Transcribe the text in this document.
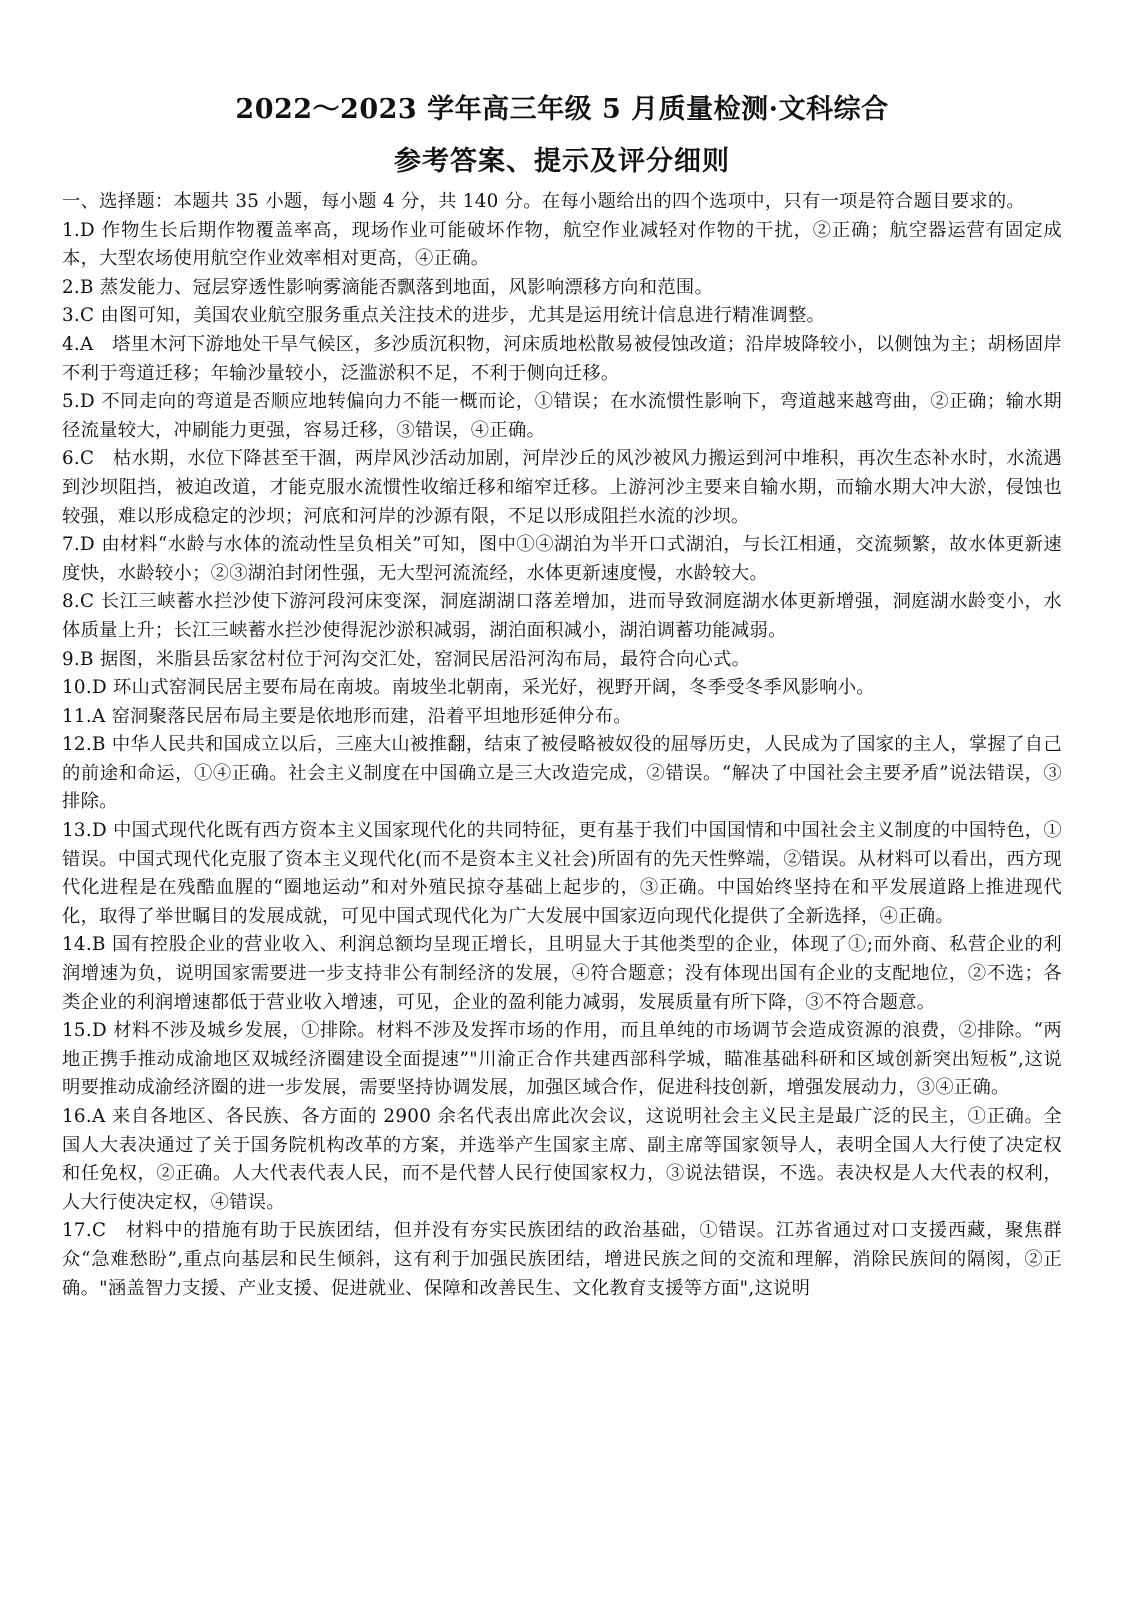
2022～2023 学年高三年级 5 月质量检测·文科综合
参考答案、提示及评分细则

一、选择题：本题共 35 小题，每小题 4 分，共 140 分。在每小题给出的四个选项中，只有一项是符合题目要求的。

1.D 作物生长后期作物覆盖率高，现场作业可能破坏作物，航空作业减轻对作物的干扰，②正确；航空器运营有固定成本，大型农场使用航空作业效率相对更高，④正确。

2.B 蒸发能力、冠层穿透性影响雾滴能否飘落到地面，风影响漂移方向和范围。

3.C 由图可知，美国农业航空服务重点关注技术的进步，尤其是运用统计信息进行精准调整。

4.A　塔里木河下游地处干旱气候区，多沙质沉积物，河床质地松散易被侵蚀改道；沿岸坡降较小，以侧蚀为主；胡杨固岸不利于弯道迁移；年输沙量较小，泛滥淤积不足，不利于侧向迁移。

5.D 不同走向的弯道是否顺应地转偏向力不能一概而论，①错误；在水流惯性影响下，弯道越来越弯曲，②正确；输水期径流量较大，冲刷能力更强，容易迁移，③错误，④正确。

6.C　枯水期，水位下降甚至干涸，两岸风沙活动加剧，河岸沙丘的风沙被风力搬运到河中堆积，再次生态补水时，水流遇到沙坝阻挡，被迫改道，才能克服水流惯性收缩迁移和缩窄迁移。上游河沙主要来自输水期，而输水期大冲大淤，侵蚀也较强，难以形成稳定的沙坝；河底和河岸的沙源有限，不足以形成阻拦水流的沙坝。

7.D 由材料“水龄与水体的流动性呈负相关”可知，图中①④湖泊为半开口式湖泊，与长江相通，交流频繁，故水体更新速度快，水龄较小；②③湖泊封闭性强，无大型河流流经，水体更新速度慢，水龄较大。

8.C 长江三峡蓄水拦沙使下游河段河床变深，洞庭湖湖口落差增加，进而导致洞庭湖水体更新增强，洞庭湖水龄变小，水体质量上升；长江三峡蓄水拦沙使得泥沙淤积减弱，湖泊面积减小，湖泊调蓄功能减弱。

9.B 据图，米脂县岳家岔村位于河沟交汇处，窑洞民居沿河沟布局，最符合向心式。

10.D 环山式窑洞民居主要布局在南坡。南坡坐北朝南，采光好，视野开阔，冬季受冬季风影响小。

11.A 窑洞聚落民居布局主要是依地形而建，沿着平坦地形延伸分布。

12.B 中华人民共和国成立以后，三座大山被推翻，结束了被侵略被奴役的屈辱历史，人民成为了国家的主人，掌握了自己的前途和命运，①④正确。社会主义制度在中国确立是三大改造完成，②错误。“解决了中国社会主要矛盾”说法错误，③排除。

13.D 中国式现代化既有西方资本主义国家现代化的共同特征，更有基于我们中国国情和中国社会主义制度的中国特色，①错误。中国式现代化克服了资本主义现代化(而不是资本主义社会)所固有的先天性弊端，②错误。从材料可以看出，西方现代化进程是在残酷血腥的“圈地运动”和对外殖民掠夺基础上起步的，③正确。中国始终坚持在和平发展道路上推进现代化，取得了举世瞩目的发展成就，可见中国式现代化为广大发展中国家迈向现代化提供了全新选择，④正确。

14.B 国有控股企业的营业收入、利润总额均呈现正增长，且明显大于其他类型的企业，体现了①;而外商、私营企业的利润增速为负，说明国家需要进一步支持非公有制经济的发展，④符合题意；没有体现出国有企业的支配地位，②不选；各类企业的利润增速都低于营业收入增速，可见，企业的盈利能力减弱，发展质量有所下降，③不符合题意。

15.D 材料不涉及城乡发展，①排除。材料不涉及发挥市场的作用，而且单纯的市场调节会造成资源的浪费，②排除。“两地正携手推动成渝地区双城经济圈建设全面提速”"川渝正合作共建西部科学城，瞄准基础科研和区域创新突出短板”,这说明要推动成渝经济圈的进一步发展，需要坚持协调发展，加强区域合作，促进科技创新，增强发展动力，③④正确。

16.A 来自各地区、各民族、各方面的 2900 余名代表出席此次会议，这说明社会主义民主是最广泛的民主，①正确。全国人大表决通过了关于国务院机构改革的方案，并选举产生国家主席、副主席等国家领导人，表明全国人大行使了决定权和任免权，②正确。人大代表代表人民，而不是代替人民行使国家权力，③说法错误，不选。表决权是人大代表的权利，人大行使决定权，④错误。

17.C　材料中的措施有助于民族团结，但并没有夯实民族团结的政治基础，①错误。江苏省通过对口支援西藏，聚焦群众“急难愁盼”,重点向基层和民生倾斜，这有利于加强民族团结，增进民族之间的交流和理解，消除民族间的隔阂，②正确。"涵盖智力支援、产业支援、促进就业、保障和改善民生、文化教育支援等方面",这说明
